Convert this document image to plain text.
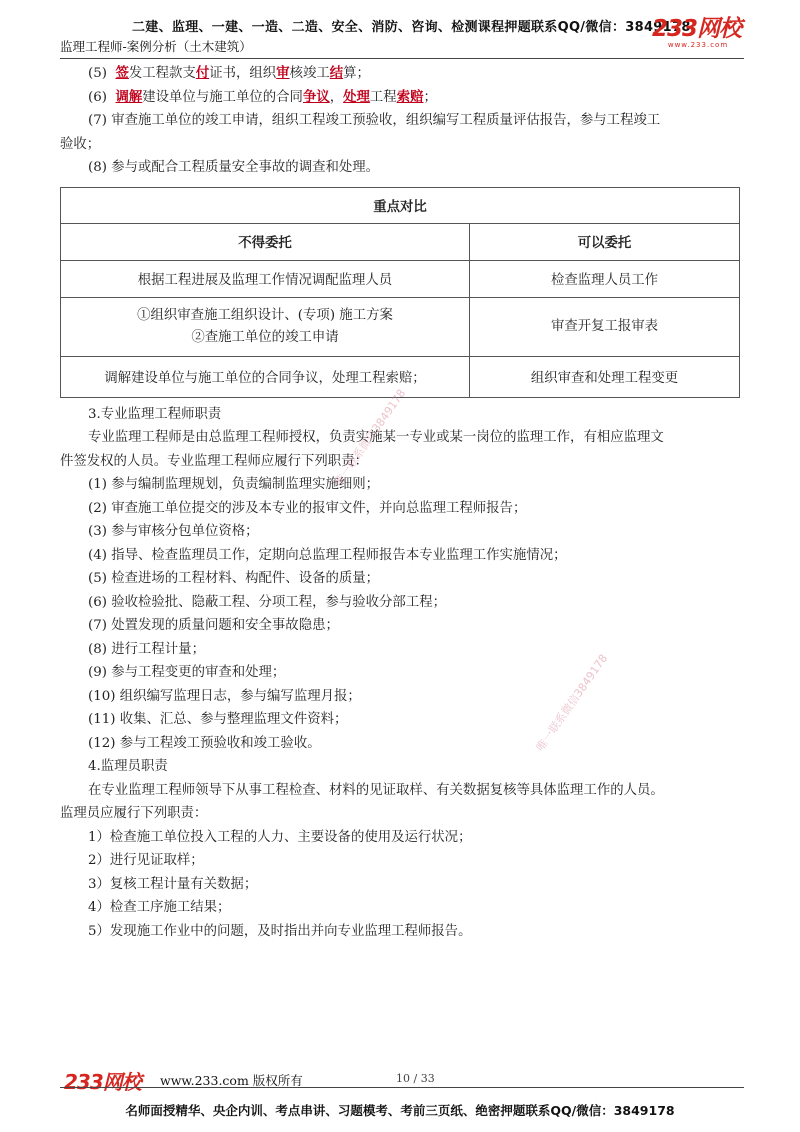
二建、监理、一建、一造、二造、安全、消防、咨询、检测课程押题联系QQ/微信：3849178
监理工程师-案例分析（土木建筑）
233网校
www.233.com

(5) 签发工程款支付证书，组织审核竣工结算；

(6) 调解建设单位与施工单位的合同争议，处理工程索赔；

(7) 审查施工单位的竣工申请，组织工程竣工预验收，组织编写工程质量评估报告，参与工程竣工

验收；

(8) 参与或配合工程质量安全事故的调查和处理。

重点对比	
不得委托	可以委托
根据工程进展及监理工作情况调配监理人员	检查监理人员工作

①组织审查施工组织设计、(专项) 施工方案
②查施工单位的竣工申请	审查开复工报审表
调解建设单位与施工单位的合同争议，处理工程索赔；	组织审查和处理工程变更

3.专业监理工程师职责

专业监理工程师是由总监理工程师授权，负责实施某一专业或某一岗位的监理工作，有相应监理文

件签发权的人员。专业监理工程师应履行下列职责：

(1) 参与编制监理规划，负责编制监理实施细则；

(2) 审查施工单位提交的涉及本专业的报审文件，并向总监理工程师报告；

(3) 参与审核分包单位资格；

(4) 指导、检查监理员工作，定期向总监理工程师报告本专业监理工作实施情况；

(5) 检查进场的工程材料、构配件、设备的质量；

(6) 验收检验批、隐蔽工程、分项工程，参与验收分部工程；

(7) 处置发现的质量问题和安全事故隐患；

(8) 进行工程计量；

(9) 参与工程变更的审查和处理；

(10) 组织编写监理日志，参与编写监理月报；

(11) 收集、汇总、参与整理监理文件资料；

(12) 参与工程竣工预验收和竣工验收。

4.监理员职责

在专业监理工程师领导下从事工程检查、材料的见证取样、有关数据复核等具体监理工作的人员。

监理员应履行下列职责：

1）检查施工单位投入工程的人力、主要设备的使用及运行状况；

2）进行见证取样；

3）复核工程计量有关数据；

4）检查工序施工结果；

5）发现施工作业中的问题，及时指出并向专业监理工程师报告。

唯一联系微信3849178
唯一联系微信3849178
233网校 www.233.com 版权所有	10 / 33
名师面授精华、央企内训、考点串讲、习题模考、考前三页纸、绝密押题联系QQ/微信：3849178
